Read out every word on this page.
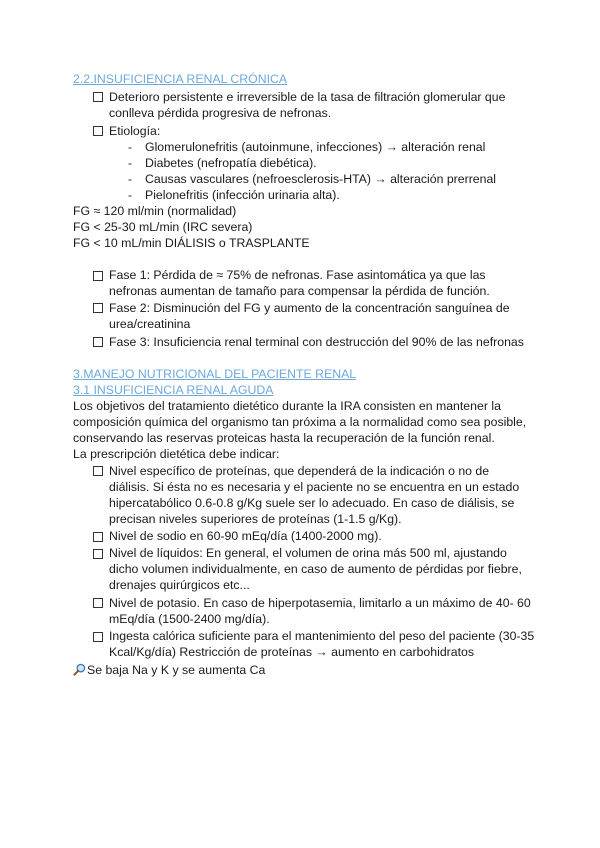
2.2.INSUFICIENCIA RENAL CRÓNICA
Deterioro persistente e irreversible de la tasa de filtración glomerular que
conlleva pérdida progresiva de nefronas.
Etiología:
- Glomerulonefritis (autoinmune, infecciones) → alteración renal
- Diabetes (nefropatía diebética).
- Causas vasculares (nefroesclerosis-HTA) → alteración prerrenal
- Pielonefritis (infección urinaria alta).
FG ≈ 120 ml/min (normalidad)
FG < 25-30 mL/min (IRC severa)
FG < 10 mL/min DIÁLISIS o TRASPLANTE
Fase 1: Pérdida de ≈ 75% de nefronas. Fase asintomática ya que las
nefronas aumentan de tamaño para compensar la pérdida de función.
Fase 2: Disminución del FG y aumento de la concentración sanguínea de
urea/creatinina
Fase 3: Insuficiencia renal terminal con destrucción del 90% de las nefronas
3.MANEJO NUTRICIONAL DEL PACIENTE RENAL
3.1 INSUFICIENCIA RENAL AGUDA
Los objetivos del tratamiento dietético durante la IRA consisten en mantener la
composición química del organismo tan próxima a la normalidad como sea posible,
conservando las reservas proteicas hasta la recuperación de la función renal.
La prescripción dietética debe indicar:
Nivel específico de proteínas, que dependerá de la indicación o no de
diálisis. Si ésta no es necesaria y el paciente no se encuentra en un estado
hipercatabólico 0.6-0.8 g/Kg suele ser lo adecuado. En caso de diálisis, se
precisan niveles superiores de proteínas (1-1.5 g/Kg).
Nivel de sodio en 60-90 mEq/día (1400-2000 mg).
Nivel de líquidos: En general, el volumen de orina más 500 ml, ajustando
dicho volumen individualmente, en caso de aumento de pérdidas por fiebre,
drenajes quirúrgicos etc...
Nivel de potasio. En caso de hiperpotasemia, limitarlo a un máximo de 40- 60
mEq/día (1500-2400 mg/día).
Ingesta calórica suficiente para el mantenimiento del peso del paciente (30-35
Kcal/Kg/día) Restricción de proteínas → aumento en carbohidratos
Se baja Na y K y se aumenta Ca
